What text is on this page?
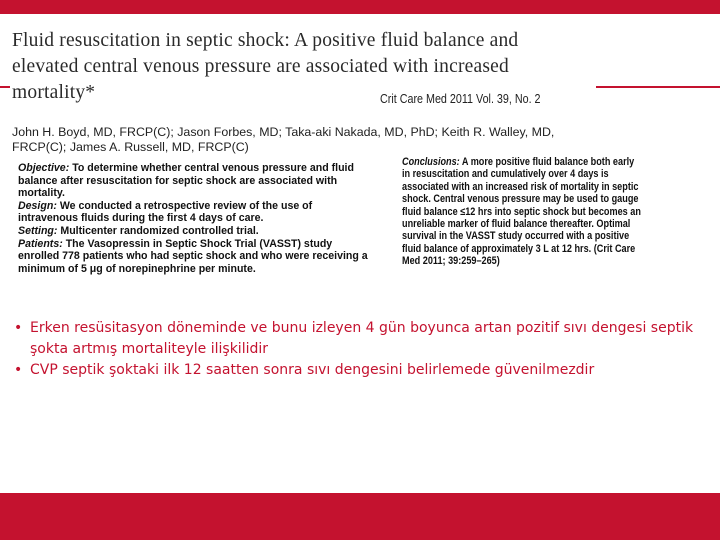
Fluid resuscitation in septic shock: A positive fluid balance and elevated central venous pressure are associated with increased mortality*	Crit Care Med 2011 Vol. 39, No. 2
John H. Boyd, MD, FRCP(C); Jason Forbes, MD; Taka-aki Nakada, MD, PhD; Keith R. Walley, MD, FRCP(C); James A. Russell, MD, FRCP(C)
Objective: To determine whether central venous pressure and fluid balance after resuscitation for septic shock are associated with mortality.
Design: We conducted a retrospective review of the use of intravenous fluids during the first 4 days of care.
Setting: Multicenter randomized controlled trial.
Patients: The Vasopressin in Septic Shock Trial (VASST) study enrolled 778 patients who had septic shock and who were receiving a minimum of 5 μg of norepinephrine per minute.
Conclusions: A more positive fluid balance both early in resuscitation and cumulatively over 4 days is associated with an increased risk of mortality in septic shock. Central venous pressure may be used to gauge fluid balance ≤12 hrs into septic shock but becomes an unreliable marker of fluid balance thereafter. Optimal survival in the VASST study occurred with a positive fluid balance of approximately 3 L at 12 hrs. (Crit Care Med 2011; 39:259–265)
• Erken resüsitasyon döneminde ve bunu izleyen 4 gün boyunca artan pozitif sıvı dengesi septik şokta artmış mortaliteyle ilişkilidir
• CVP septik şoktaki ilk 12 saatten sonra sıvı dengesini belirlemede güvenilmezdir
